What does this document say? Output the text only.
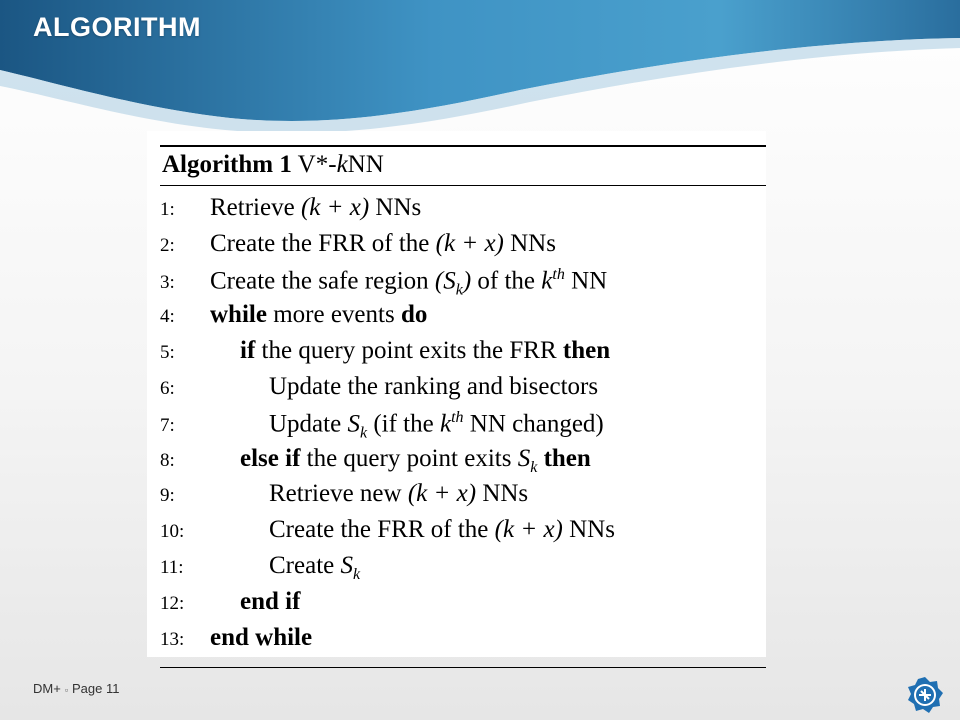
ALGORITHM
Algorithm 1 V*-kNN
1:	Retrieve (k + x) NNs
2:	Create the FRR of the (k + x) NNs
3:	Create the safe region $(S_k)$ of the $k^{th}$ NN
4:	while more events do
5:	if the query point exits the FRR then
6:	Update the ranking and bisectors
7:	Update $S_k$ (if the $k^{th}$ NN changed)
8:	else if the query point exits $S_k$ then
9:	Retrieve new (k + x) NNs
10:	Create the FRR of the (k + x) NNs
11:	Create $S_k$
12:	end if
13:	end while
DM+ ▫ Page 11
